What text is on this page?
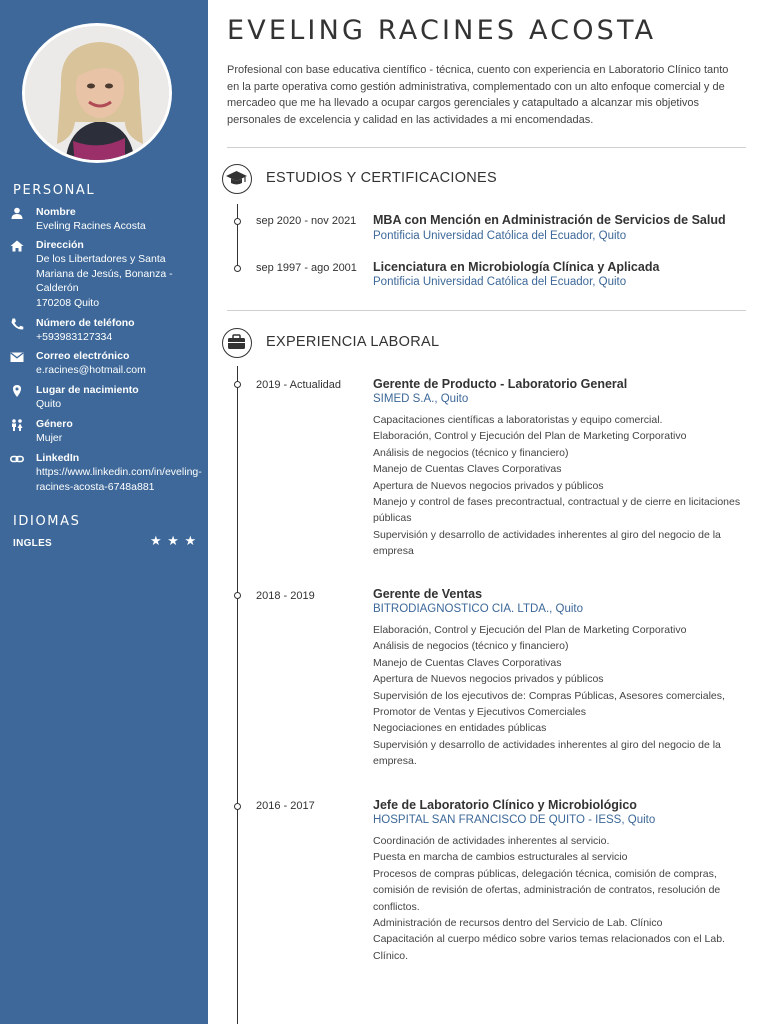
PERSONAL
Nombre
Eveling Racines Acosta
Dirección
De los Libertadores y Santa
Mariana de Jesús, Bonanza -
Calderón
170208 Quito
Número de teléfono
+593983127334
Correo electrónico
e.racines@hotmail.com
Lugar de nacimiento
Quito
Género
Mujer
LinkedIn
https://www.linkedin.com/in/eveling-
racines-acosta-6748a881
IDIOMAS
INGLES	★ ★ ★
EVELING RACINES ACOSTA
Profesional con base educativa científico - técnica, cuento con experiencia en Laboratorio Clínico tanto en la parte operativa como gestión administrativa, complementado con un alto enfoque comercial y de mercadeo que me ha llevado a ocupar cargos gerenciales y catapultado a alcanzar mis objetivos personales de excelencia y calidad en las actividades a mi encomendadas.
ESTUDIOS Y CERTIFICACIONES
sep 2020 - nov 2021 MBA con Mención en Administración de Servicios de Salud
Pontificia Universidad Católica del Ecuador, Quito
sep 1997 - ago 2001 Licenciatura en Microbiología Clínica y Aplicada
Pontificia Universidad Católica del Ecuador, Quito
EXPERIENCIA LABORAL
2019 - Actualidad	Gerente de Producto - Laboratorio General
SIMED S.A., Quito
Capacitaciones científicas a laboratoristas y equipo comercial.
Elaboración, Control y Ejecución del Plan de Marketing Corporativo
Análisis de negocios (técnico y financiero)
Manejo de Cuentas Claves Corporativas
Apertura de Nuevos negocios privados y públicos
Manejo y control de fases precontractual, contractual y de cierre en licitaciones públicas
Supervisión y desarrollo de actividades inherentes al giro del negocio de la empresa
2018 - 2019	Gerente de Ventas
BITRODIAGNOSTICO CIA. LTDA., Quito
Elaboración, Control y Ejecución del Plan de Marketing Corporativo
Análisis de negocios (técnico y financiero)
Manejo de Cuentas Claves Corporativas
Apertura de Nuevos negocios privados y públicos
Supervisión de los ejecutivos de: Compras Públicas, Asesores comerciales, Promotor de Ventas y Ejecutivos Comerciales
Negociaciones en entidades públicas
Supervisión y desarrollo de actividades inherentes al giro del negocio de la empresa.
2016 - 2017	Jefe de Laboratorio Clínico y Microbiológico
HOSPITAL SAN FRANCISCO DE QUITO - IESS, Quito
Coordinación de actividades inherentes al servicio.
Puesta en marcha de cambios estructurales al servicio
Procesos de compras públicas, delegación técnica, comisión de compras, comisión de revisión de ofertas, administración de contratos, resolución de conflictos.
Administración de recursos dentro del Servicio de Lab. Clínico
Capacitación al cuerpo médico sobre varios temas relacionados con el Lab. Clínico.
